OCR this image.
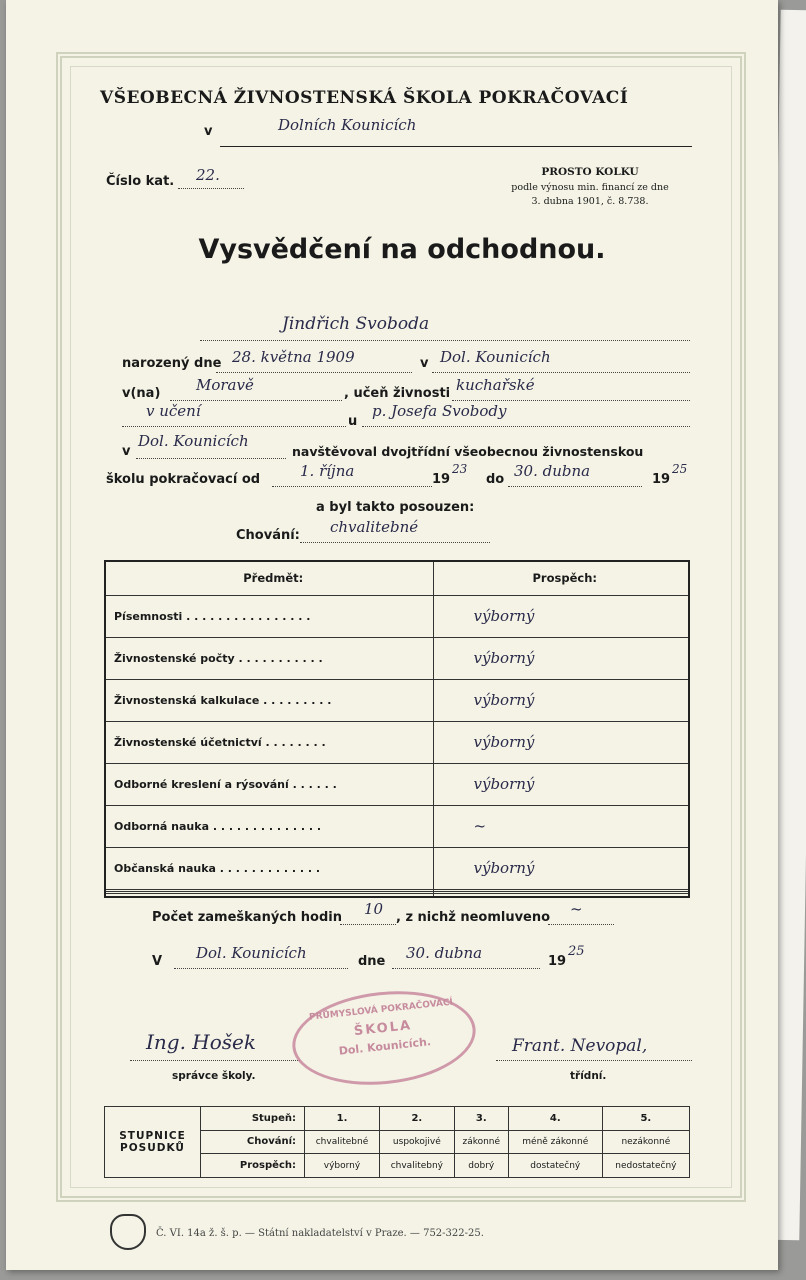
VŠEOBECNÁ ŽIVNOSTENSKÁ ŠKOLA POKRAČOVACÍ
v	Dolních Kounicích
Číslo kat. 22.	PROSTO KOLKU
podle výnosu min. financí ze dne
3. dubna 1901, č. 8.738.
Vysvědčení na odchodnou.
Jindřich Svoboda
narozený dne 28. května 1909	v Dol. Kounicích
v(na) Moravě	, učeň živnosti kuchařské
v učení
u
p. Josefa Svobody
v
Dol. Kounicích
navštěvoval dvojtřídní všeobecnou živnostenskou
školu pokračovací od	1. října	19
23
do 30. dubna	19
25
a byl takto posouzen:
Chování: chvalitebné
Předmět:	Prospěch:
Písemnosti . . . . . . . . . . . . . . . .	výborný
Živnostenské počty . . . . . . . . . . .	výborný
Živnostenská kalkulace . . . . . . . . .	výborný
Živnostenské účetnictví . . . . . . . .	výborný
Odborné kreslení a rýsování . . . . . .	výborný
Odborná nauka . . . . . . . . . . . . . .	~
Občanská nauka . . . . . . . . . . . . .	výborný

Počet zameškaných hodin 10 , z nichž neomluveno ~
V Dol. Kounicích	dne 30. dubna	19
25
Ing. Hošek
správce školy.
PRŮMYSLOVÁ POKRAČOVACÍ
ŠKOLA
Dol. Kounicích.	Frant. Nevopal,
třídní.
STUPNICE
POSUDKŮ	Stupeň:	1.	2.	3.	4.	5.
	Chování:	chvalitebné	uspokojivé	zákonné	méně zákonné	nezákonné
	Prospěch:	výborný	chvalitebný	dobrý	dostatečný	nedostatečný
Č. VI. 14a ž. š. p. — Státní nakladatelství v Praze. — 752-322-25.
